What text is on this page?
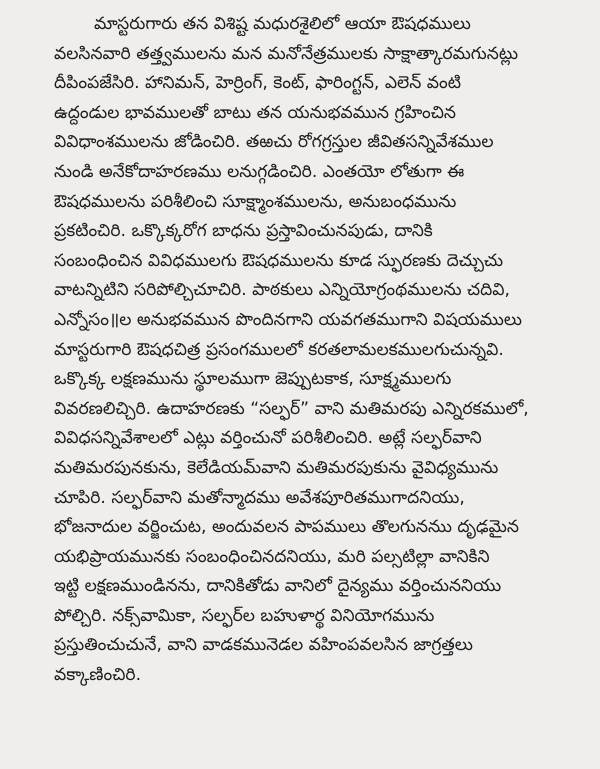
మాస్టరుగారు తన విశిష్ట మధురశైలిలో ఆయా ఔషధములు
వలసినవారి తత్త్వములను మన మనోనేత్రములకు సాక్షాత్కారమగునట్లు
దీపింపజేసిరి. హానిమన్, హెర్రింగ్, కెంట్, ఫారింగ్టన్, ఎలెన్ వంటి
ఉద్దండుల భావములతో బాటు తన యనుభవమున గ్రహించిన
వివిధాంశములను జోడించిరి. తఱచు రోగగ్రస్తుల జీవితసన్నివేశముల
నుండి అనేకోదాహరణము లనుగ్గడించిరి. ఎంతయో లోతుగా ఈ
ఔషధములను పరిశీలించి సూక్ష్మాంశములను, అనుబంధమును
ప్రకటించిరి. ఒక్కొక్కరోగ బాధను ప్రస్తావించునపుడు, దానికి
సంబంధించిన వివిధములగు ఔషధములను కూడ స్ఫురణకు దెచ్చుచు
వాటన్నిటిని సరిపోల్చిచూచిరి. పాఠకులు ఎన్నియోగ్రంథములను చదివి,
ఎన్నోసం॥ల అనుభవమున పొందినగాని యవగతముగాని విషయములు
మాస్టరుగారి ఔషధచిత్ర ప్రసంగములలో కరతలామలకములగుచున్నవి.
ఒక్కొక్క లక్షణమును స్థూలముగా జెప్పుటకాక, సూక్ష్మములగు
వివరణలిచ్చిరి. ఉదాహరణకు “సల్ఫర్” వాని మతిమరపు ఎన్నిరకములో,
వివిధసన్నివేశాలలో ఎట్లు వర్తించునో పరిశీలించిరి. అట్లే సల్ఫర్‌వాని
మతిమరపునకును, కెలేడియమ్‌వాని మతిమరపుకును వైవిధ్యమును
చూపిరి. సల్ఫర్‌వాని మతోన్మాదము అవేశపూరితముగాదనియు,
భోజనాదుల వర్జించుట, అందువలన పాపములు తొలగుననుు దృఢమైన
యభిప్రాయమునకు సంబంధించినదనియు, మరి పల్సటిల్లా వానికిని
ఇట్టి లక్షణముండినను, దానికితోడు వానిలో దైన్యము వర్తించుననియు
పోల్చిరి. నక్స్‌వామికా, సల్ఫర్‌ల బహుళార్థ వినియోగమును
ప్రస్తుతించుచునే, వాని వాడకమునెడల వహింపవలసిన జాగ్రత్తలు
వక్కాణించిరి.
